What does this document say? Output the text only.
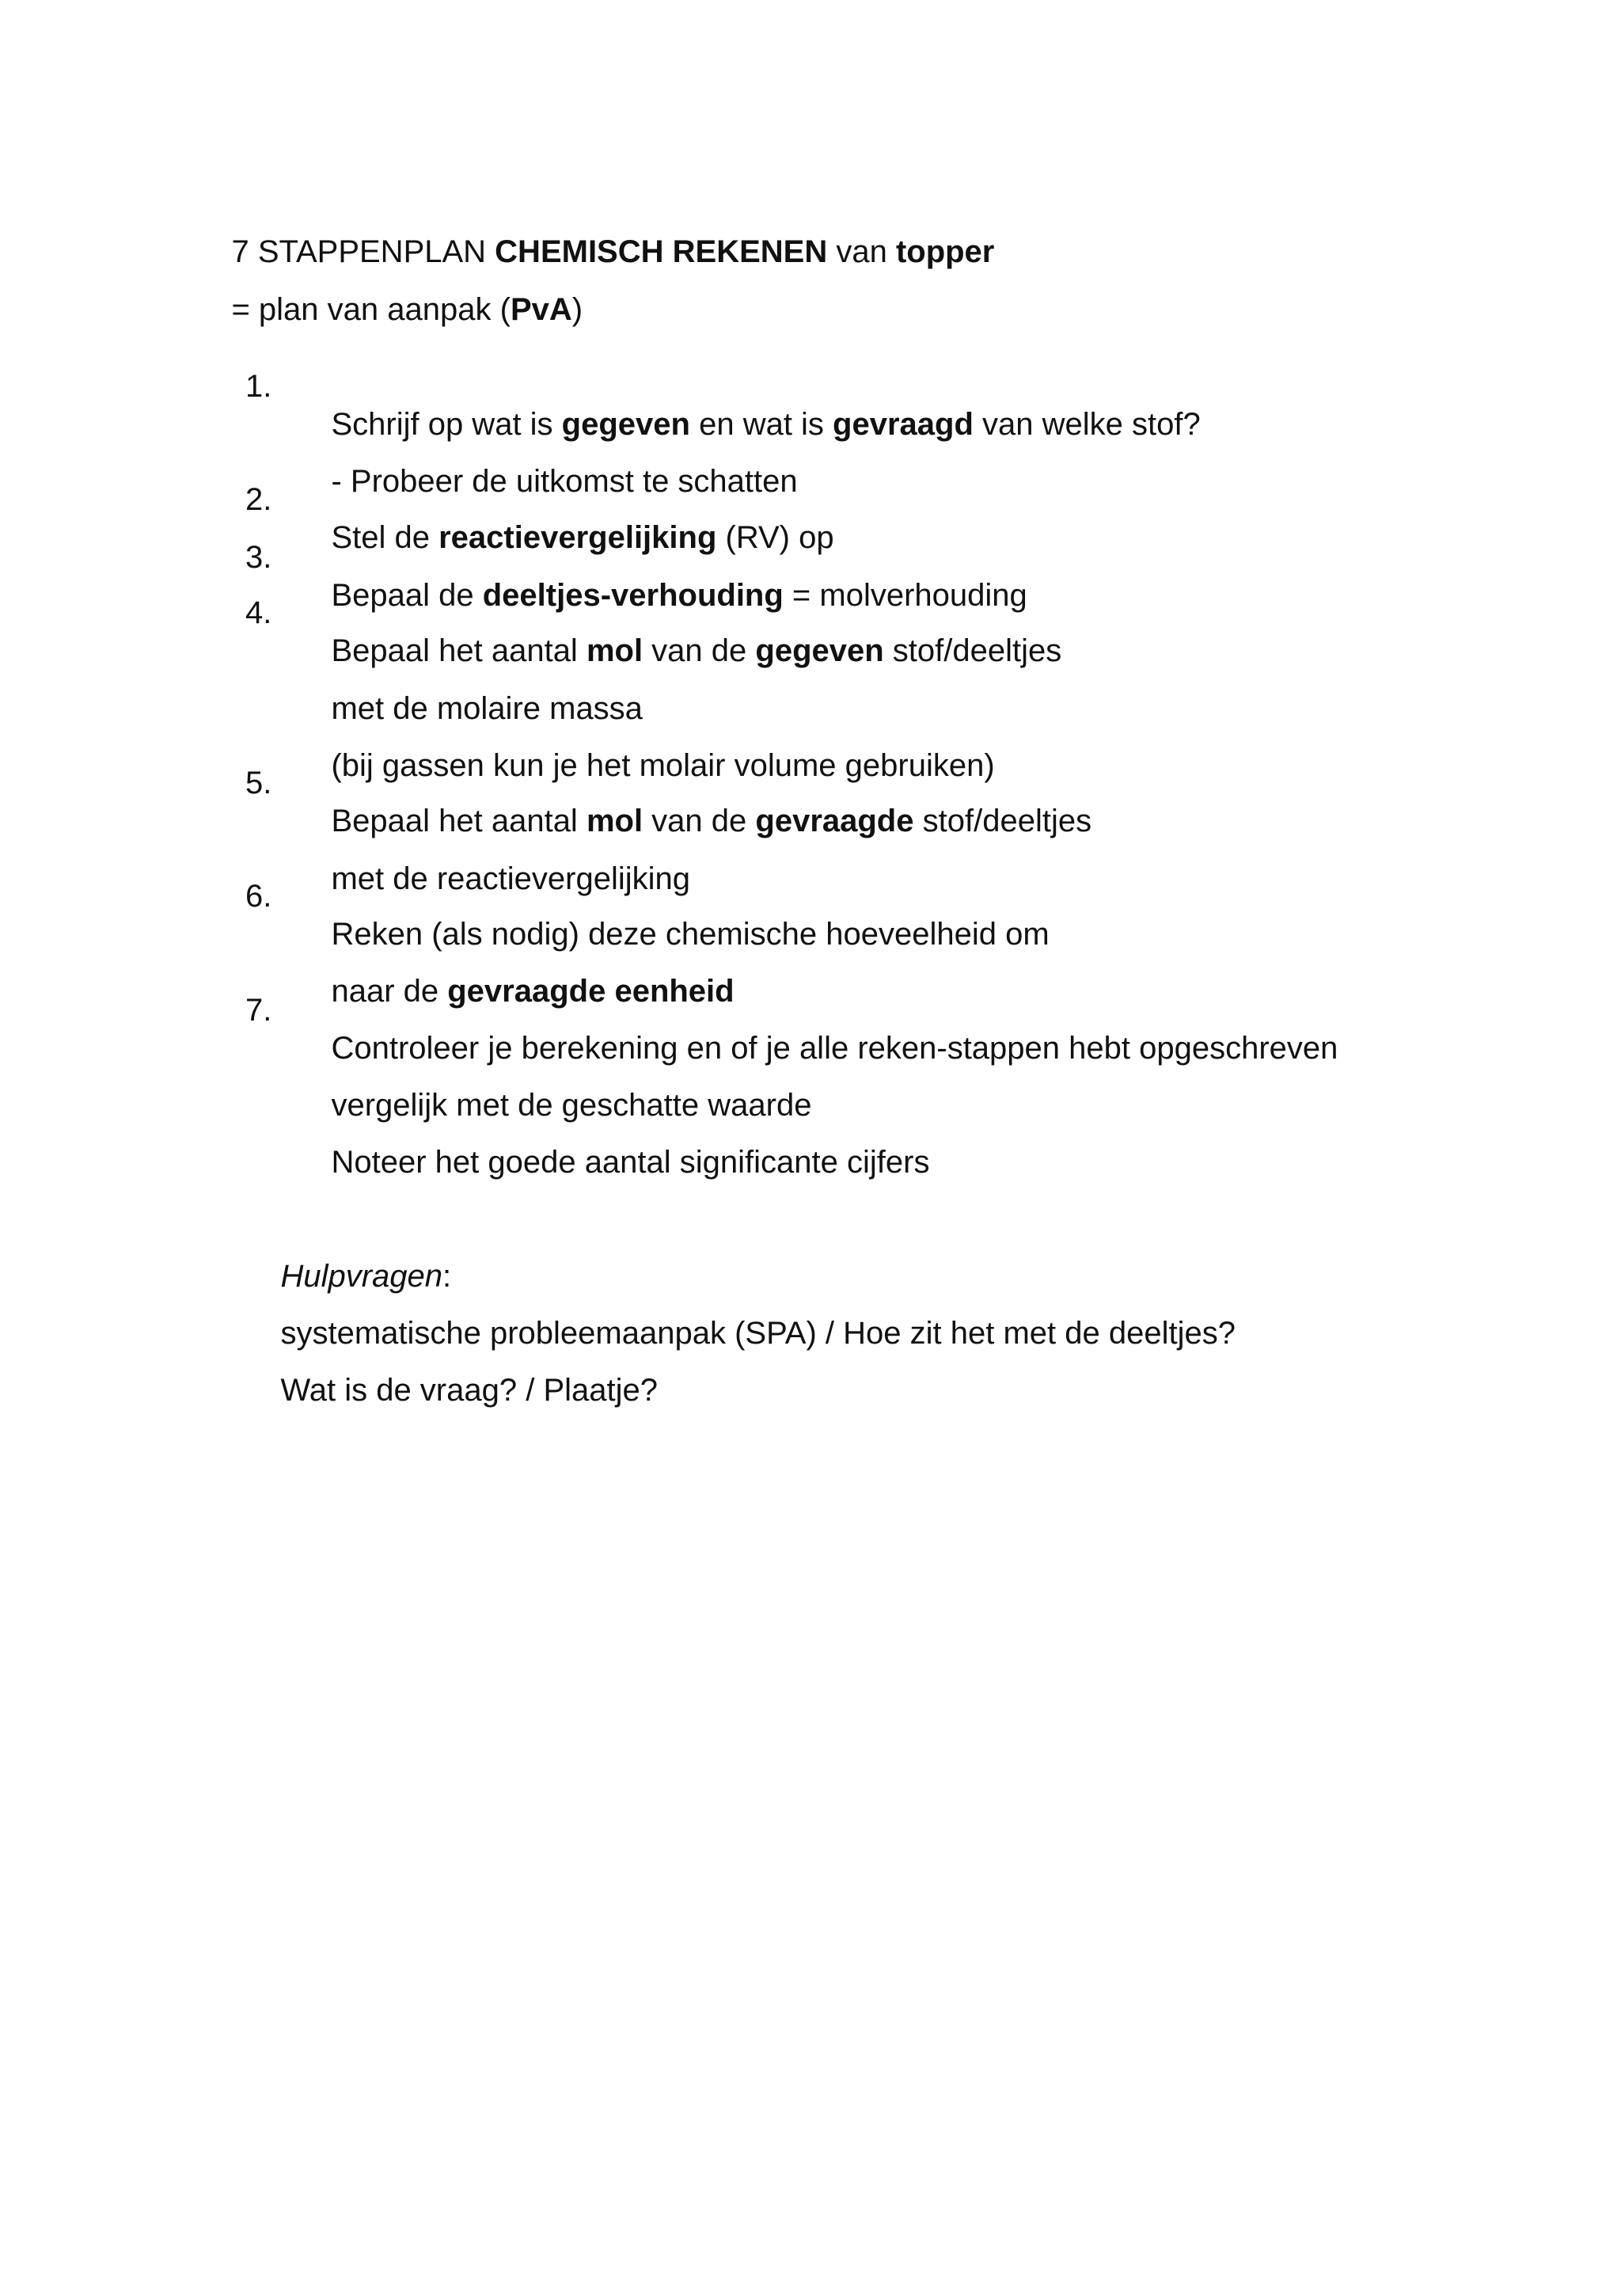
7 STAPPENPLAN CHEMISCH REKENEN van topper

= plan van aanpak (PvA)

1.

Schrijf op wat is gegeven en wat is gevraagd van welke stof?

- Probeer de uitkomst te schatten

2.

Stel de reactievergelijking (RV) op

3.

Bepaal de deeltjes-verhouding = molverhouding

4.

Bepaal het aantal mol van de gegeven stof/deeltjes

met de molaire massa

(bij gassen kun je het molair volume gebruiken)

5.

Bepaal het aantal mol van de gevraagde stof/deeltjes

met de reactievergelijking

6.

Reken (als nodig) deze chemische hoeveelheid om

naar de gevraagde eenheid

7.

Controleer je berekening en of je alle reken-stappen hebt opgeschreven

vergelijk met de geschatte waarde

Noteer het goede aantal significante cijfers

Hulpvragen:

systematische probleemaanpak (SPA) / Hoe zit het met de deeltjes?

Wat is de vraag? / Plaatje?
